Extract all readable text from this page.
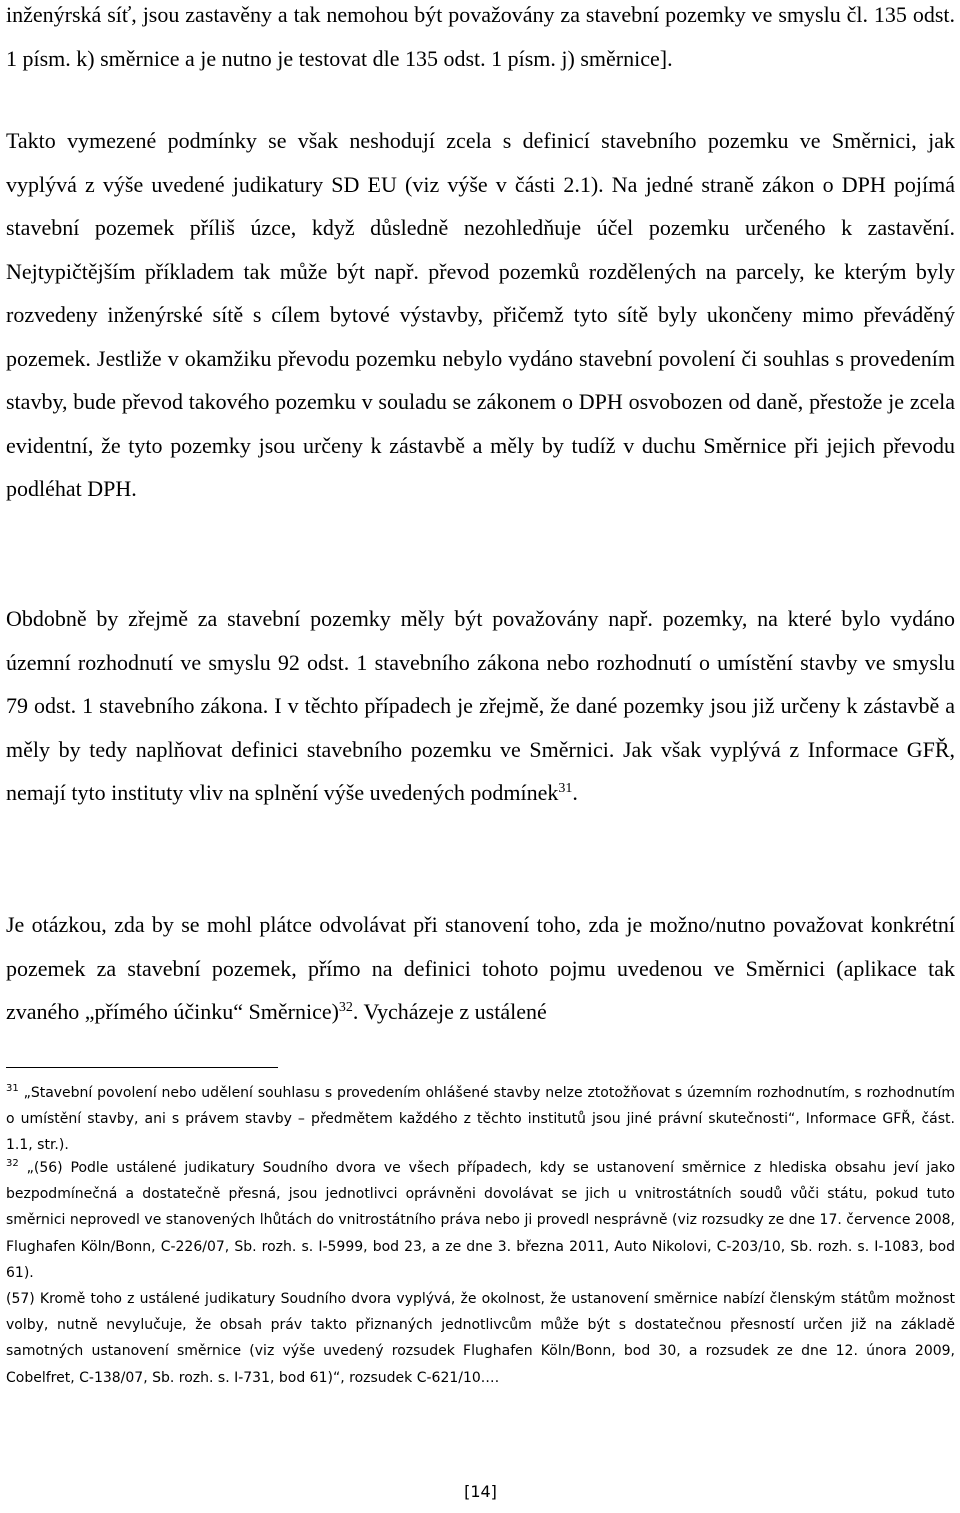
inženýrská síť, jsou zastavěny a tak nemohou být považovány za stavební pozemky ve smyslu čl. 135 odst. 1 písm. k) směrnice a je nutno je testovat dle 135 odst. 1 písm. j) směrnice].

Takto vymezené podmínky se však neshodují zcela s definicí stavebního pozemku ve Směrnici, jak vyplývá z výše uvedené judikatury SD EU (viz výše v části 2.1). Na jedné straně zákon o DPH pojímá stavební pozemek příliš úzce, když důsledně nezohledňuje účel pozemku určeného k zastavění. Nejtypičtějším příkladem tak může být např. převod pozemků rozdělených na parcely, ke kterým byly rozvedeny inženýrské sítě s cílem bytové výstavby, přičemž tyto sítě byly ukončeny mimo převáděný pozemek. Jestliže v okamžiku převodu pozemku nebylo vydáno stavební povolení či souhlas s provedením stavby, bude převod takového pozemku v souladu se zákonem o DPH osvobozen od daně, přestože je zcela evidentní, že tyto pozemky jsou určeny k zástavbě a měly by tudíž v duchu Směrnice při jejich převodu podléhat DPH.

Obdobně by zřejmě za stavební pozemky měly být považovány např. pozemky, na které bylo vydáno územní rozhodnutí ve smyslu 92 odst. 1 stavebního zákona nebo rozhodnutí o umístění stavby ve smyslu 79 odst. 1 stavebního zákona. I v těchto případech je zřejmě, že dané pozemky jsou již určeny k zástavbě a měly by tedy naplňovat definici stavebního pozemku ve Směrnici. Jak však vyplývá z Informace GFŘ, nemají tyto instituty vliv na splnění výše uvedených podmínek$^{31}$.

Je otázkou, zda by se mohl plátce odvolávat při stanovení toho, zda je možno/nutno považovat konkrétní pozemek za stavební pozemek, přímo na definici tohoto pojmu uvedenou ve Směrnici (aplikace tak zvaného „přímého účinku“ Směrnice)$^{32}$. Vycházeje z ustálené

$^{31}$ „Stavební povolení nebo udělení souhlasu s provedením ohlášené stavby nelze ztotožňovat s územním rozhodnutím, s rozhodnutím o umístění stavby, ani s právem stavby – předmětem každého z těchto institutů jsou jiné právní skutečnosti“, Informace GFŘ, část. 1.1, str.).

$^{32}$ „(56) Podle ustálené judikatury Soudního dvora ve všech případech, kdy se ustanovení směrnice z hlediska obsahu jeví jako bezpodmínečná a dostatečně přesná, jsou jednotlivci oprávněni dovolávat se jich u vnitrostátních soudů vůči státu, pokud tuto směrnici neprovedl ve stanovených lhůtách do vnitrostátního práva nebo ji provedl nesprávně (viz rozsudky ze dne 17. července 2008, Flughafen Köln/Bonn, C-226/07, Sb. rozh. s. I-5999, bod 23, a ze dne 3. března 2011, Auto Nikolovi, C-203/10, Sb. rozh. s. I-1083, bod 61).

(57) Kromě toho z ustálené judikatury Soudního dvora vyplývá, že okolnost, že ustanovení směrnice nabízí členským státům možnost volby, nutně nevylučuje, že obsah práv takto přiznaných jednotlivcům může být s dostatečnou přesností určen již na základě samotných ustanovení směrnice (viz výše uvedený rozsudek Flughafen Köln/Bonn, bod 30, a rozsudek ze dne 12. února 2009, Cobelfret, C-138/07, Sb. rozh. s. I-731, bod 61)“, rozsudek C-621/10.…

[14]
